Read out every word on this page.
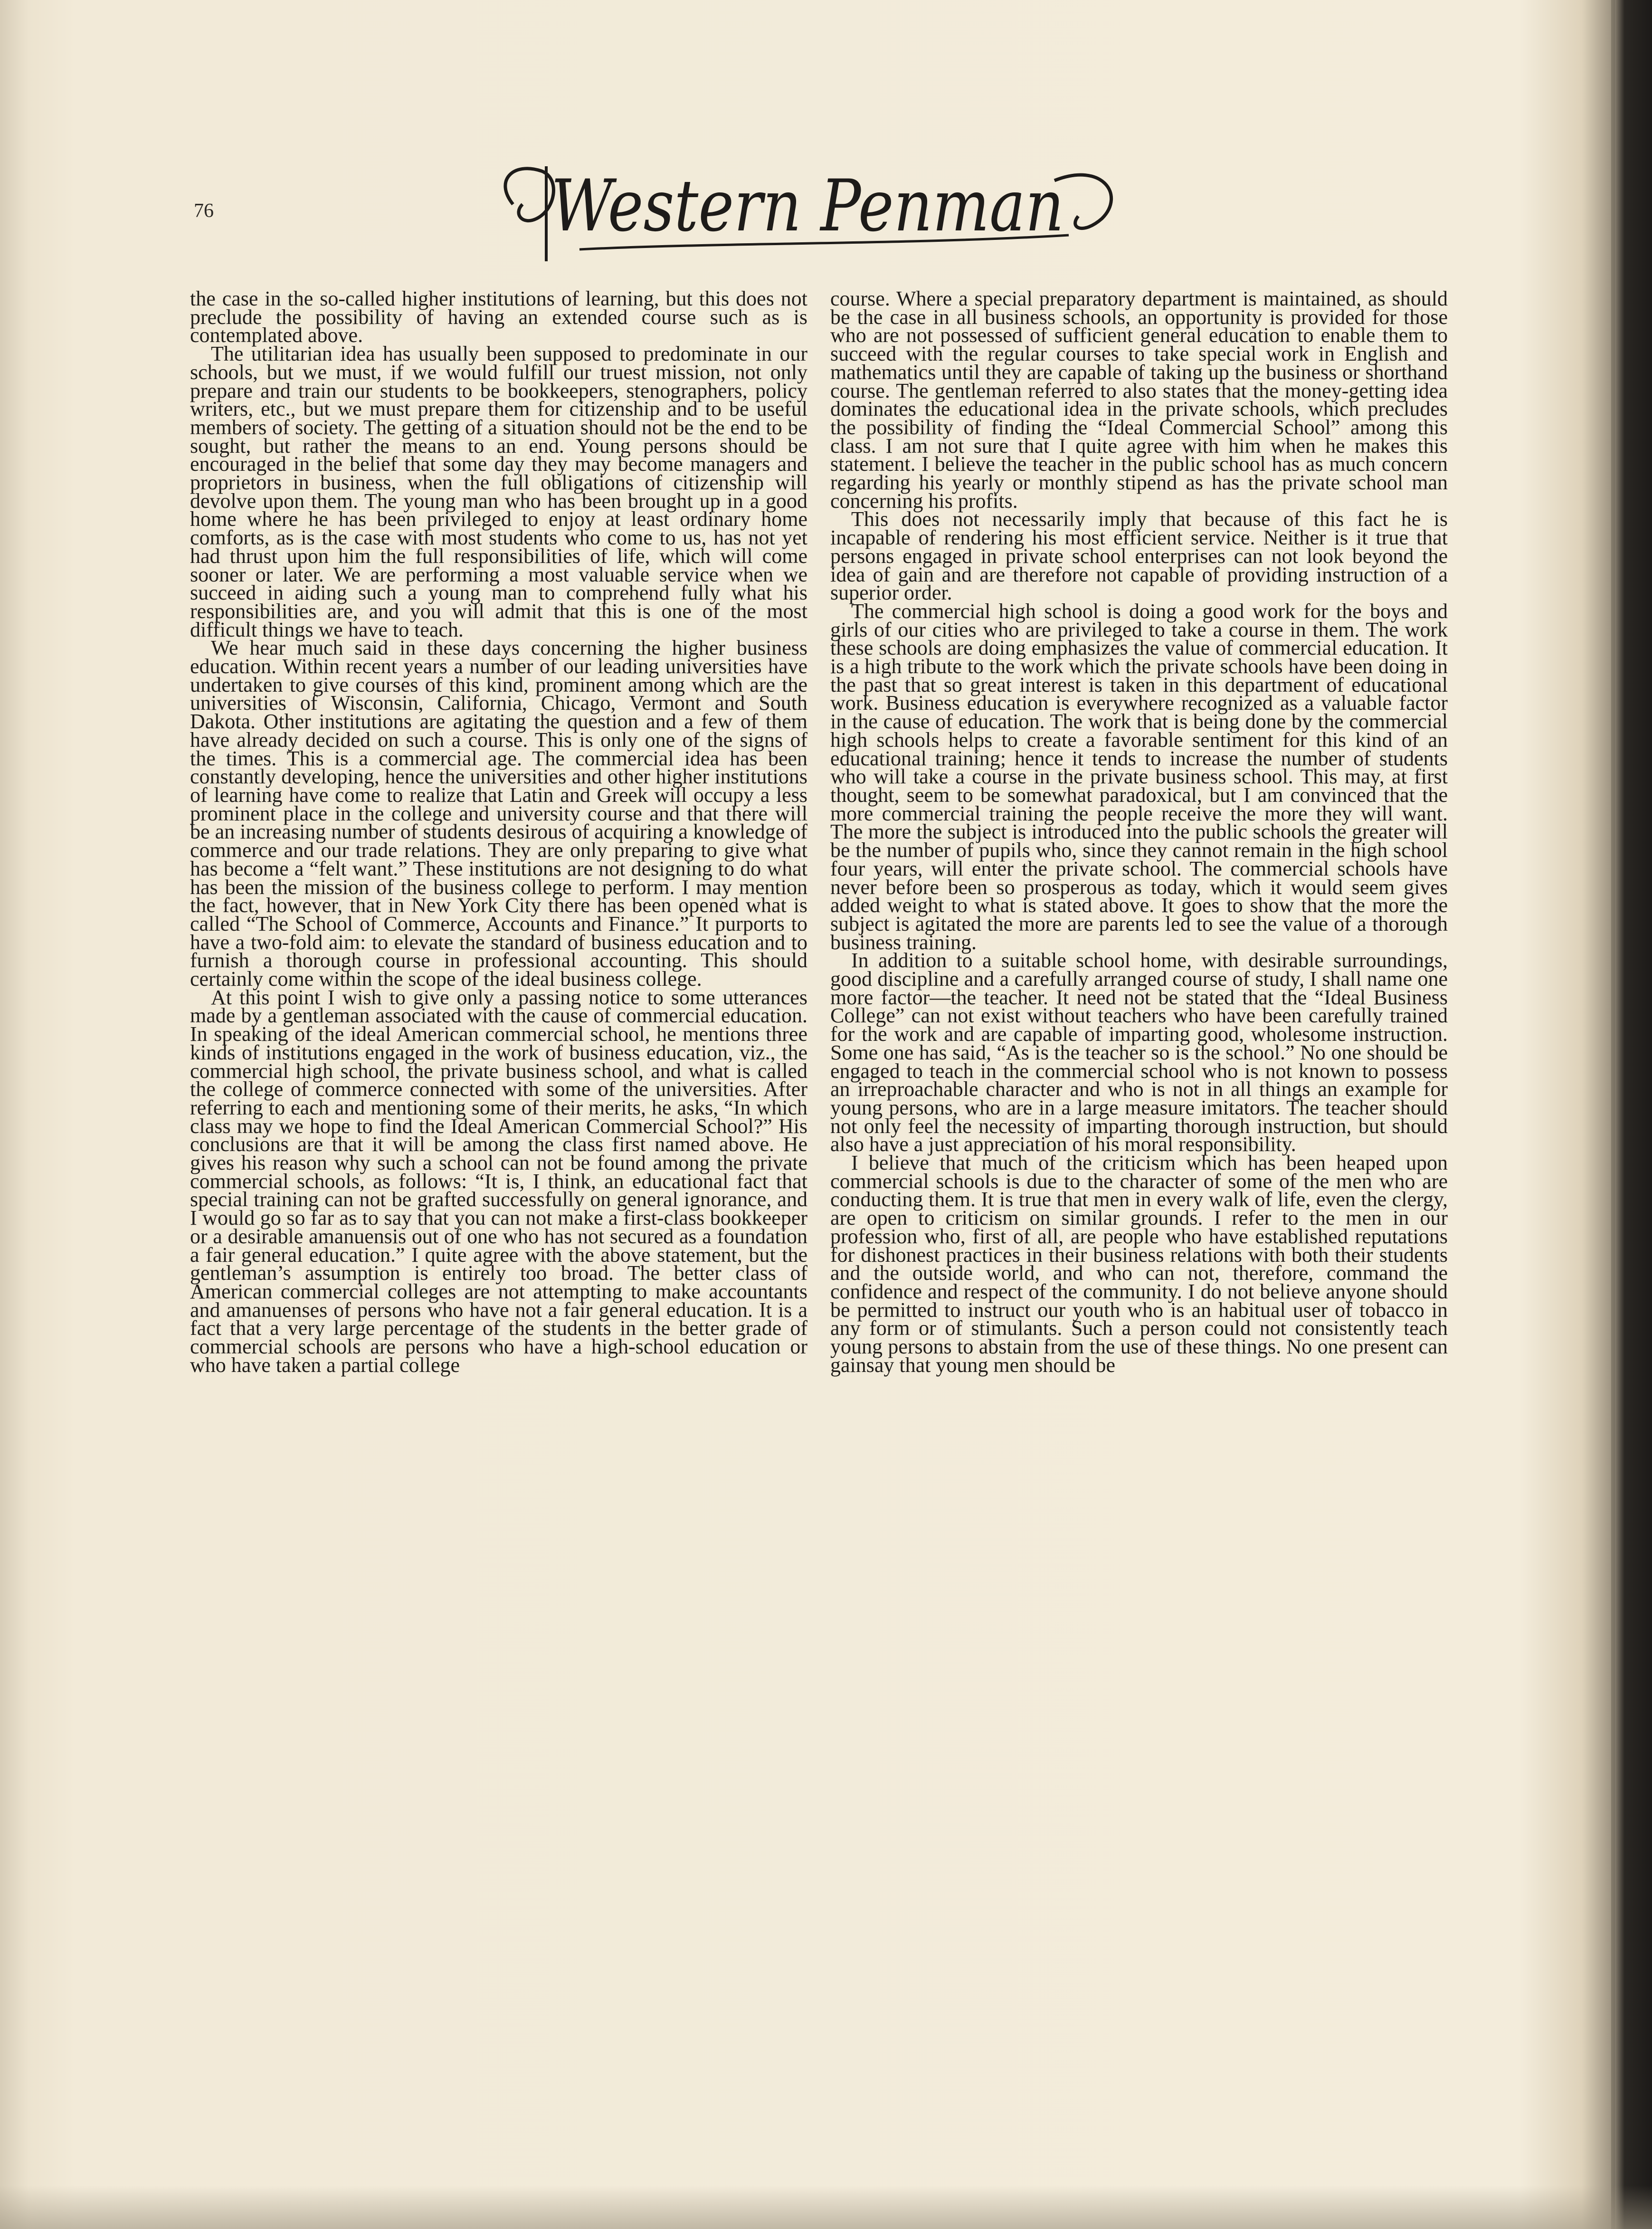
76	Western Penman

the case in the so-called higher institutions of learning, but this does not preclude the possibility of having an extended course such as is contemplated above.

The utilitarian idea has usually been supposed to predominate in our schools, but we must, if we would fulfill our truest mission, not only prepare and train our students to be bookkeepers, stenographers, policy writers, etc., but we must prepare them for citizenship and to be useful members of society. The getting of a situation should not be the end to be sought, but rather the means to an end. Young persons should be encouraged in the belief that some day they may become managers and proprietors in business, when the full obligations of citizenship will devolve upon them. The young man who has been brought up in a good home where he has been privileged to enjoy at least ordinary home comforts, as is the case with most students who come to us, has not yet had thrust upon him the full responsibilities of life, which will come sooner or later. We are performing a most valuable service when we succeed in aiding such a young man to comprehend fully what his responsibilities are, and you will admit that this is one of the most difficult things we have to teach.

We hear much said in these days concerning the higher business education. Within recent years a number of our leading universities have undertaken to give courses of this kind, prominent among which are the universities of Wisconsin, California, Chicago, Vermont and South Dakota. Other institutions are agitating the question and a few of them have already decided on such a course. This is only one of the signs of the times. This is a commercial age. The commercial idea has been constantly developing, hence the universities and other higher institutions of learning have come to realize that Latin and Greek will occupy a less prominent place in the college and university course and that there will be an increasing number of students desirous of acquiring a knowledge of commerce and our trade relations. They are only preparing to give what has become a “felt want.” These institutions are not designing to do what has been the mission of the business college to perform. I may mention the fact, however, that in New York City there has been opened what is called “The School of Commerce, Accounts and Finance.” It purports to have a two-fold aim: to elevate the standard of business education and to furnish a thorough course in professional accounting. This should certainly come within the scope of the ideal business college.

At this point I wish to give only a passing notice to some utterances made by a gentleman associated with the cause of commercial education. In speaking of the ideal American commercial school, he mentions three kinds of institutions engaged in the work of business education, viz., the commercial high school, the private business school, and what is called the college of commerce connected with some of the universities. After referring to each and mentioning some of their merits, he asks, “In which class may we hope to find the Ideal American Commercial School?” His conclusions are that it will be among the class first named above. He gives his reason why such a school can not be found among the private commercial schools, as follows: “It is, I think, an educational fact that special training can not be grafted successfully on general ignorance, and I would go so far as to say that you can not make a first-class bookkeeper or a desirable amanuensis out of one who has not secured as a foundation a fair general education.” I quite agree with the above statement, but the gentleman’s assumption is entirely too broad. The better class of American commercial colleges are not attempting to make accountants and amanuenses of persons who have not a fair general education. It is a fact that a very large percentage of the students in the better grade of commercial schools are persons who have a high-school education or who have taken a partial college

course. Where a special preparatory department is maintained, as should be the case in all business schools, an opportunity is provided for those who are not possessed of sufficient general education to enable them to succeed with the regular courses to take special work in English and mathematics until they are capable of taking up the business or shorthand course. The gentleman referred to also states that the money-getting idea dominates the educational idea in the private schools, which precludes the possibility of finding the “Ideal Commercial School” among this class. I am not sure that I quite agree with him when he makes this statement. I believe the teacher in the public school has as much concern regarding his yearly or monthly stipend as has the private school man concerning his profits.

This does not necessarily imply that because of this fact he is incapable of rendering his most efficient service. Neither is it true that persons engaged in private school enterprises can not look beyond the idea of gain and are therefore not capable of providing instruction of a superior order.

The commercial high school is doing a good work for the boys and girls of our cities who are privileged to take a course in them. The work these schools are doing emphasizes the value of commercial education. It is a high tribute to the work which the private schools have been doing in the past that so great interest is taken in this department of educational work. Business education is everywhere recognized as a valuable factor in the cause of education. The work that is being done by the commercial high schools helps to create a favorable sentiment for this kind of an educational training; hence it tends to increase the number of students who will take a course in the private business school. This may, at first thought, seem to be somewhat paradoxical, but I am convinced that the more commercial training the people receive the more they will want. The more the subject is introduced into the public schools the greater will be the number of pupils who, since they cannot remain in the high school four years, will enter the private school. The commercial schools have never before been so prosperous as today, which it would seem gives added weight to what is stated above. It goes to show that the more the subject is agitated the more are parents led to see the value of a thorough business training.

In addition to a suitable school home, with desirable surroundings, good discipline and a carefully arranged course of study, I shall name one more factor—the teacher. It need not be stated that the “Ideal Business College” can not exist without teachers who have been carefully trained for the work and are capable of imparting good, wholesome instruction. Some one has said, “As is the teacher so is the school.” No one should be engaged to teach in the commercial school who is not known to possess an irreproachable character and who is not in all things an example for young persons, who are in a large measure imitators. The teacher should not only feel the necessity of imparting thorough instruction, but should also have a just appreciation of his moral responsibility.

I believe that much of the criticism which has been heaped upon commercial schools is due to the character of some of the men who are conducting them. It is true that men in every walk of life, even the clergy, are open to criticism on similar grounds. I refer to the men in our profession who, first of all, are people who have established reputations for dishonest practices in their business relations with both their students and the outside world, and who can not, therefore, command the confidence and respect of the community. I do not believe anyone should be permitted to instruct our youth who is an habitual user of tobacco in any form or of stimulants. Such a person could not consistently teach young persons to abstain from the use of these things. No one present can gainsay that young men should be
